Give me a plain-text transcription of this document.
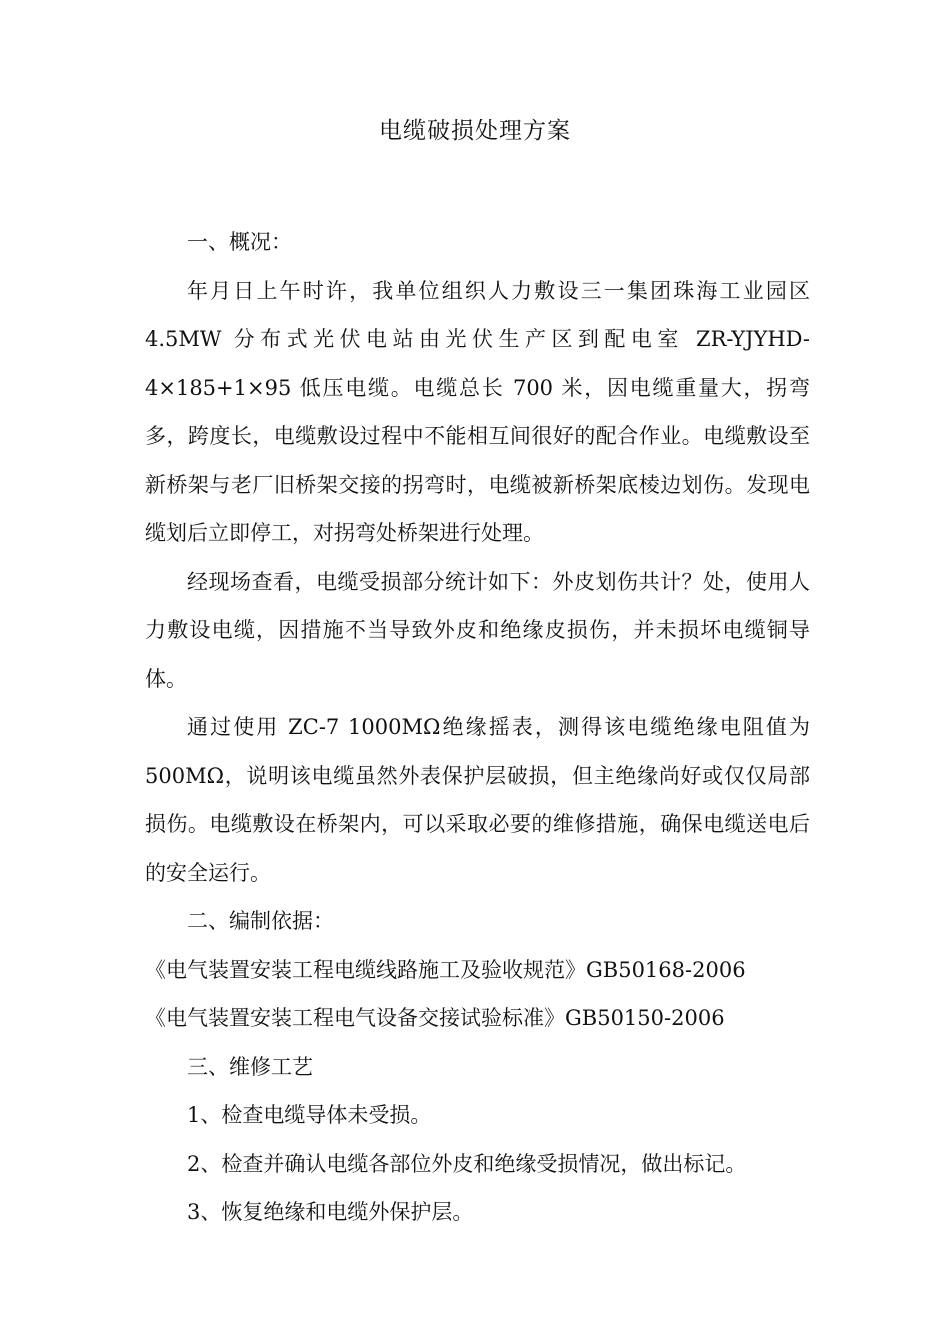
电缆破损处理方案

一、概况：

年月日上午时许，我单位组织人力敷设三一集团珠海工业园区 4.5MW 分布式光伏电站由光伏生产区到配电室 ZR-YJYHD-4×185+1×95 低压电缆。电缆总长 700 米，因电缆重量大，拐弯多，跨度长，电缆敷设过程中不能相互间很好的配合作业。电缆敷设至新桥架与老厂旧桥架交接的拐弯时，电缆被新桥架底棱边划伤。发现电缆划后立即停工，对拐弯处桥架进行处理。

经现场查看，电缆受损部分统计如下：外皮划伤共计？处，使用人力敷设电缆，因措施不当导致外皮和绝缘皮损伤，并未损坏电缆铜导体。

通过使用 ZC-7 1000MΩ绝缘摇表，测得该电缆绝缘电阻值为 500MΩ，说明该电缆虽然外表保护层破损，但主绝缘尚好或仅仅局部损伤。电缆敷设在桥架内，可以采取必要的维修措施，确保电缆送电后的安全运行。

二、编制依据：

《电气装置安装工程电缆线路施工及验收规范》GB50168-2006

《电气装置安装工程电气设备交接试验标准》GB50150-2006

三、维修工艺

1、检查电缆导体未受损。

2、检查并确认电缆各部位外皮和绝缘受损情况，做出标记。

3、恢复绝缘和电缆外保护层。
